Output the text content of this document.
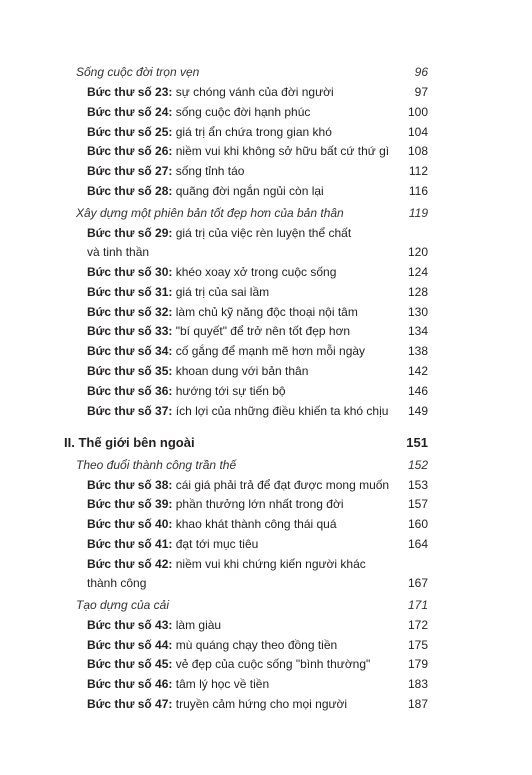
Sống cuộc đời trọn vẹn	96
Bức thư số 23: sự chóng vánh của đời người	97
Bức thư số 24: sống cuộc đời hạnh phúc	100
Bức thư số 25: giá trị ẩn chứa trong gian khó	104
Bức thư số 26: niềm vui khi không sở hữu bất cứ thứ gì 108
Bức thư số 27: sống tỉnh táo	112
Bức thư số 28: quãng đời ngắn ngủi còn lại	116
Xây dựng một phiên bản tốt đẹp hơn của bản thân	119
Bức thư số 29: giá trị của việc rèn luyện thể chất
và tinh thần	120
Bức thư số 30: khéo xoay xở trong cuộc sống	124
Bức thư số 31: giá trị của sai lầm	128
Bức thư số 32: làm chủ kỹ năng độc thoại nội tâm	130
Bức thư số 33: "bí quyết" để trở nên tốt đẹp hơn	134
Bức thư số 34: cố gắng để mạnh mẽ hơn mỗi ngày	138
Bức thư số 35: khoan dung với bản thân	142
Bức thư số 36: hướng tới sự tiến bộ	146
Bức thư số 37: ích lợi của những điều khiến ta khó chịu 149
II. Thế giới bên ngoài	151
Theo đuổi thành công trần thế	152
Bức thư số 38: cái giá phải trả để đạt được mong muốn 153
Bức thư số 39: phần thưởng lớn nhất trong đời	157
Bức thư số 40: khao khát thành công thái quá	160
Bức thư số 41: đạt tới mục tiêu	164
Bức thư số 42: niềm vui khi chứng kiến người khác
thành công	167
Tạo dựng của cải	171
Bức thư số 43: làm giàu	172
Bức thư số 44: mù quáng chạy theo đồng tiền	175
Bức thư số 45: vẻ đẹp của cuộc sống "bình thường"	179
Bức thư số 46: tâm lý học về tiền	183
Bức thư số 47: truyền cảm hứng cho mọi người	187
